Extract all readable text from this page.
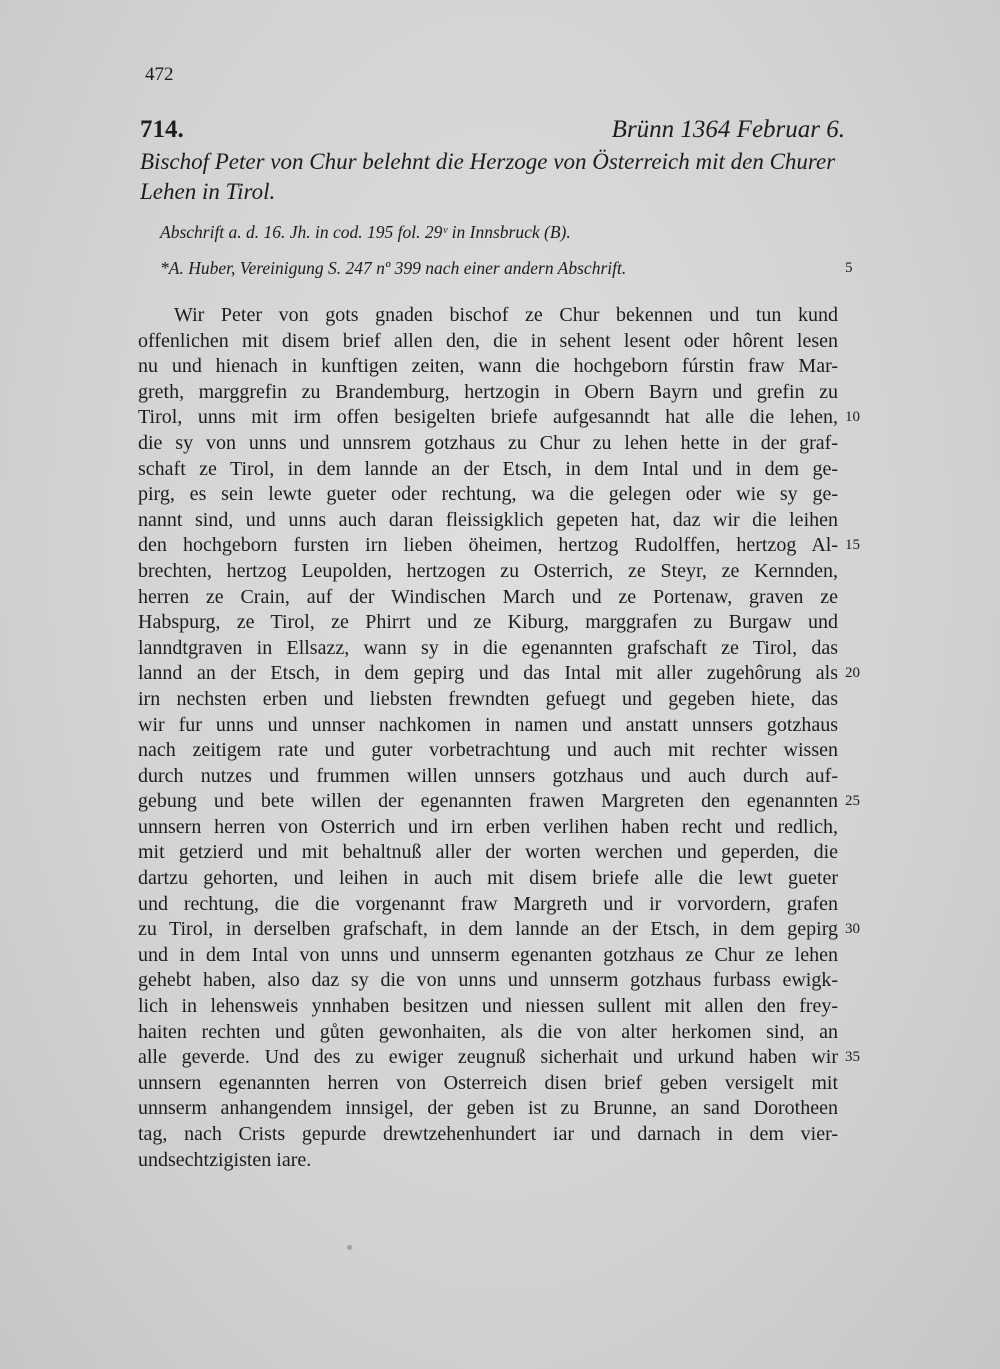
472
714.	Brünn 1364 Februar 6.
Bischof Peter von Chur belehnt die Herzoge von Österreich mit den Churer Lehen in Tirol.
Abschrift a. d. 16. Jh. in cod. 195 fol. 29ᵛ in Innsbruck (B).
*A. Huber, Vereinigung S. 247 nº 399 nach einer andern Abschrift.	5
10
15
20
25
30
35
Wir Peter von gots gnaden bischof ze Chur bekennen und tun kund
offenlichen mit disem brief allen den, die in sehent lesent oder hôrent lesen
nu und hienach in kunftigen zeiten, wann die hochgeborn fúrstin fraw Mar-
greth, marggrefin zu Brandemburg, hertzogin in Obern Bayrn und grefin zu
Tirol, unns mit irm offen besigelten briefe aufgesanndt hat alle die lehen,
die sy von unns und unnsrem gotzhaus zu Chur zu lehen hette in der graf-
schaft ze Tirol, in dem lannde an der Etsch, in dem Intal und in dem ge-
pirg, es sein lewte gueter oder rechtung, wa die gelegen oder wie sy ge-
nannt sind, und unns auch daran fleissigklich gepeten hat, daz wir die leihen
den hochgeborn fursten irn lieben öheimen, hertzog Rudolffen, hertzog Al-
brechten, hertzog Leupolden, hertzogen zu Osterrich, ze Steyr, ze Kernnden,
herren ze Crain, auf der Windischen March und ze Portenaw, graven ze
Habspurg, ze Tirol, ze Phirrt und ze Kiburg, marggrafen zu Burgaw und
lanndtgraven in Ellsazz, wann sy in die egenannten grafschaft ze Tirol, das
lannd an der Etsch, in dem gepirg und das Intal mit aller zugehôrung als
irn nechsten erben und liebsten frewndten gefuegt und gegeben hiete, das
wir fur unns und unnser nachkomen in namen und anstatt unnsers gotzhaus
nach zeitigem rate und guter vorbetrachtung und auch mit rechter wissen
durch nutzes und frummen willen unnsers gotzhaus und auch durch auf-
gebung und bete willen der egenannten frawen Margreten den egenannten
unnsern herren von Osterrich und irn erben verlihen haben recht und redlich,
mit getzierd und mit behaltnuß aller der worten werchen und geperden, die
dartzu gehorten, und leihen in auch mit disem briefe alle die lewt gueter
und rechtung, die die vorgenannt fraw Margreth und ir vorvordern, grafen
zu Tirol, in derselben grafschaft, in dem lannde an der Etsch, in dem gepirg
und in dem Intal von unns und unnserm egenanten gotzhaus ze Chur ze lehen
gehebt haben, also daz sy die von unns und unnserm gotzhaus furbass ewigk-
lich in lehensweis ynnhaben besitzen und niessen sullent mit allen den frey-
haiten rechten und gůten gewonhaiten, als die von alter herkomen sind, an
alle geverde. Und des zu ewiger zeugnuß sicherhait und urkund haben wir
unnsern egenannten herren von Osterreich disen brief geben versigelt mit
unnserm anhangendem innsigel, der geben ist zu Brunne, an sand Dorotheen
tag, nach Crists gepurde drewtzehenhundert iar und darnach in dem vier-
undsechtzigisten iare.
